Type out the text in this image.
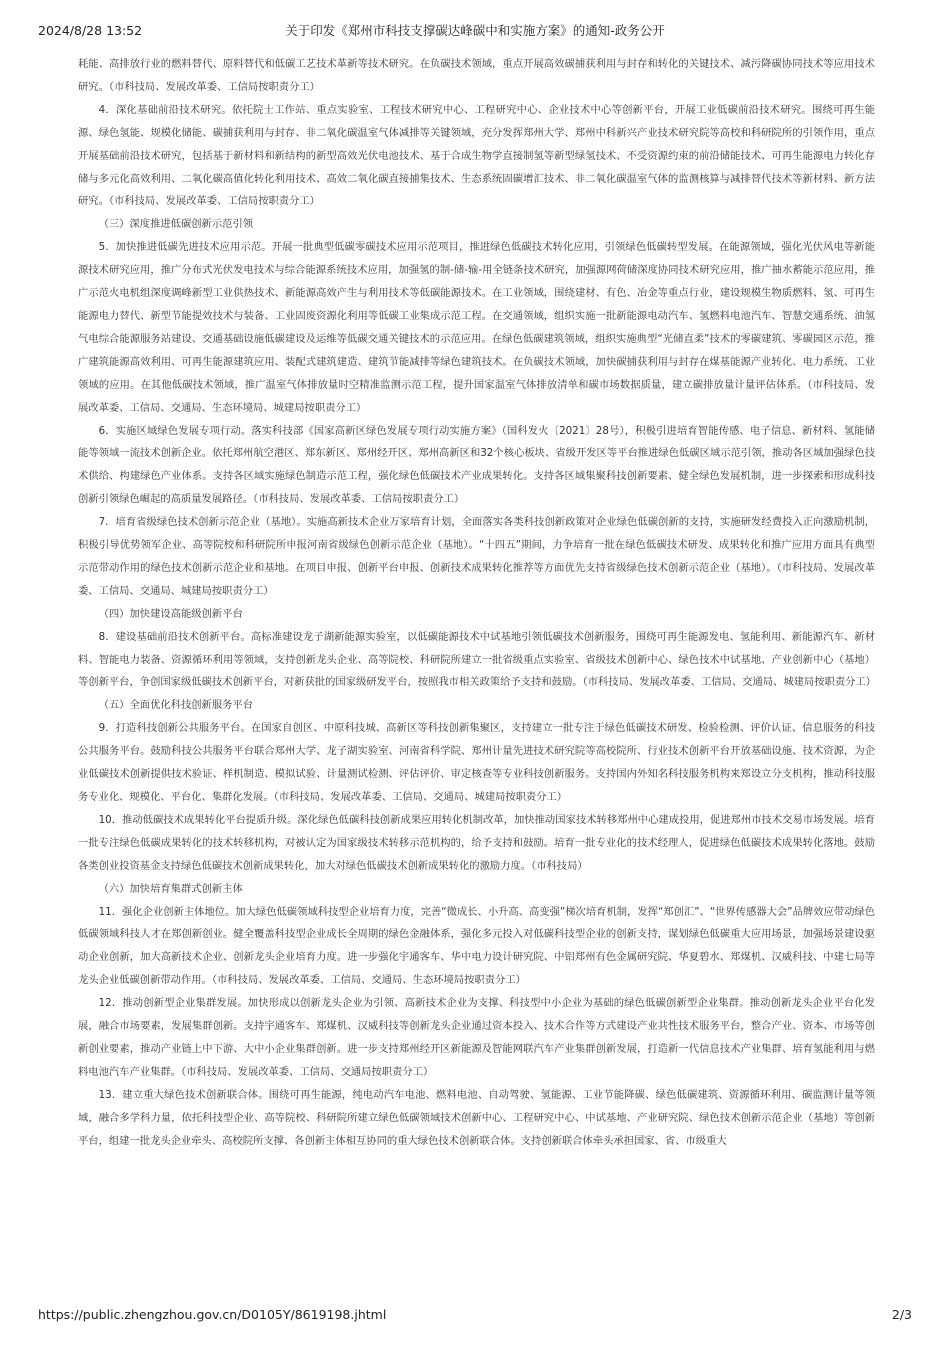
2024/8/28 13:52	关于印发《郑州市科技支撑碳达峰碳中和实施方案》的通知-政务公开

耗能、高排放行业的燃料替代、原料替代和低碳工艺技术革新等技术研究。在负碳技术领域，重点开展高效碳捕获利用与封存和转化的关键技术、减污降碳协同技术等应用技术研究。（市科技局、发展改革委、工信局按职责分工）

4．深化基础前沿技术研究。依托院士工作站、重点实验室、工程技术研究中心、工程研究中心、企业技术中心等创新平台，开展工业低碳前沿技术研究。围绕可再生能源、绿色氢能、规模化储能、碳捕获利用与封存、非二氧化碳温室气体减排等关键领域，充分发挥郑州大学、郑州中科新兴产业技术研究院等高校和科研院所的引领作用，重点开展基础前沿技术研究，包括基于新材料和新结构的新型高效光伏电池技术、基于合成生物学直接制氢等新型绿氢技术、不受资源约束的前沿储能技术、可再生能源电力转化存储与多元化高效利用、二氧化碳高值化转化利用技术、高效二氧化碳直接捕集技术、生态系统固碳增汇技术、非二氧化碳温室气体的监测核算与减排替代技术等新材料、新方法研究。（市科技局、发展改革委、工信局按职责分工）

（三）深度推进低碳创新示范引领

5．加快推进低碳先进技术应用示范。开展一批典型低碳零碳技术应用示范项目，推进绿色低碳技术转化应用，引领绿色低碳转型发展。在能源领域，强化光伏风电等新能源技术研究应用，推广分布式光伏发电技术与综合能源系统技术应用，加强氢的制-储-输-用全链条技术研究，加强源网荷储深度协同技术研究应用，推广抽水蓄能示范应用，推广示范火电机组深度调峰新型工业供热技术、新能源高效产生与利用技术等低碳能源技术。在工业领域，围绕建材、有色、冶金等重点行业，建设规模生物质燃料、氢、可再生能源电力替代、新型节能提效技术与装备、工业固废资源化利用等低碳工业集成示范工程。在交通领域，组织实施一批新能源电动汽车、氢燃料电池汽车、智慧交通系统、油氢气电综合能源服务站建设、交通基础设施低碳建设及运维等低碳交通关键技术的示范应用。在绿色低碳建筑领域，组织实施典型“光储直柔”技术的零碳建筑、零碳园区示范，推广建筑能源高效利用、可再生能源建筑应用、装配式建筑建造、建筑节能减排等绿色建筑技术。在负碳技术领域，加快碳捕获利用与封存在煤基能源产业转化、电力系统、工业领域的应用。在其他低碳技术领域，推广温室气体排放量时空精准监测示范工程，提升国家温室气体排放清单和碳市场数据质量，建立碳排放量计量评估体系。（市科技局、发展改革委、工信局、交通局、生态环境局、城建局按职责分工）

6．实施区域绿色发展专项行动。落实科技部《国家高新区绿色发展专项行动实施方案》（国科发火〔2021〕28号），积极引进培育智能传感、电子信息、新材料、氢能储能等领域一流技术创新企业。依托郑州航空港区、郑东新区、郑州经开区、郑州高新区和32个核心板块、省级开发区等平台推进绿色低碳区域示范引领，推动各区域加强绿色技术供给、构建绿色产业体系。支持各区域实施绿色制造示范工程，强化绿色低碳技术产业成果转化。支持各区域集聚科技创新要素、健全绿色发展机制，进一步探索和形成科技创新引领绿色崛起的高质量发展路径。（市科技局、发展改革委、工信局按职责分工）

7．培育省级绿色技术创新示范企业（基地）。实施高新技术企业万家培育计划，全面落实各类科技创新政策对企业绿色低碳创新的支持，实施研发经费投入正向激励机制，积极引导优势领军企业、高等院校和科研院所申报河南省级绿色创新示范企业（基地）。“十四五”期间，力争培育一批在绿色低碳技术研发、成果转化和推广应用方面具有典型示范带动作用的绿色技术创新示范企业和基地。在项目申报、创新平台申报、创新技术成果转化推荐等方面优先支持省级绿色技术创新示范企业（基地）。（市科技局、发展改革委、工信局、交通局、城建局按职责分工）

（四）加快建设高能级创新平台

8．建设基础前沿技术创新平台。高标准建设龙子湖新能源实验室，以低碳能源技术中试基地引领低碳技术创新服务，围绕可再生能源发电、氢能利用、新能源汽车、新材料、智能电力装备、资源循环利用等领域，支持创新龙头企业、高等院校、科研院所建立一批省级重点实验室、省级技术创新中心、绿色技术中试基地、产业创新中心（基地）等创新平台，争创国家级低碳技术创新平台，对新获批的国家级研发平台，按照我市相关政策给予支持和鼓励。（市科技局、发展改革委、工信局、交通局、城建局按职责分工）

（五）全面优化科技创新服务平台

9．打造科技创新公共服务平台。在国家自创区、中原科技城、高新区等科技创新集聚区，支持建立一批专注于绿色低碳技术研发、检验检测、评价认证、信息服务的科技公共服务平台。鼓励科技公共服务平台联合郑州大学、龙子湖实验室、河南省科学院、郑州计量先进技术研究院等高校院所、行业技术创新平台开放基础设施、技术资源，为企业低碳技术创新提供技术验证、样机制造、模拟试验、计量测试检测、评估评价、审定核查等专业科技创新服务。支持国内外知名科技服务机构来郑设立分支机构，推动科技服务专业化、规模化、平台化、集群化发展。（市科技局、发展改革委、工信局、交通局、城建局按职责分工）

10．推动低碳技术成果转化平台提质升级。深化绿色低碳科技创新成果应用转化机制改革，加快推动国家技术转移郑州中心建成投用，促进郑州市技术交易市场发展。培育一批专注绿色低碳成果转化的技术转移机构，对被认定为国家级技术转移示范机构的，给予支持和鼓励。培育一批专业化的技术经理人，促进绿色低碳技术成果转化落地。鼓励各类创业投资基金支持绿色低碳技术创新成果转化，加大对绿色低碳技术创新成果转化的激励力度。（市科技局）

（六）加快培育集群式创新主体

11．强化企业创新主体地位。加大绿色低碳领域科技型企业培育力度，完善“微成长、小升高、高变强”梯次培育机制，发挥“郑创汇”、“世界传感器大会”品牌效应带动绿色低碳领域科技人才在郑创新创业。健全覆盖科技型企业成长全周期的绿色金融体系，强化多元投入对低碳科技型企业的创新支持，谋划绿色低碳重大应用场景，加强场景建设驱动企业创新，加大高新技术企业、创新龙头企业培育力度。进一步强化宇通客车、华中电力设计研究院、中铝郑州有色金属研究院、华夏碧水、郑煤机、汉威科技、中建七局等龙头企业低碳创新带动作用。（市科技局、发展改革委、工信局、交通局、生态环境局按职责分工）

12．推动创新型企业集群发展。加快形成以创新龙头企业为引领、高新技术企业为支撑、科技型中小企业为基础的绿色低碳创新型企业集群。推动创新龙头企业平台化发展，融合市场要素，发展集群创新。支持宇通客车、郑煤机、汉威科技等创新龙头企业通过资本投入、技术合作等方式建设产业共性技术服务平台，整合产业、资本、市场等创新创业要素，推动产业链上中下游、大中小企业集群创新。进一步支持郑州经开区新能源及智能网联汽车产业集群创新发展，打造新一代信息技术产业集群、培育氢能利用与燃料电池汽车产业集群。（市科技局、发展改革委、工信局、交通局按职责分工）

13．建立重大绿色技术创新联合体。围绕可再生能源，纯电动汽车电池、燃料电池、自动驾驶、氢能源、工业节能降碳、绿色低碳建筑、资源循环利用、碳监测计量等领域，融合多学科力量，依托科技型企业、高等院校、科研院所建立绿色低碳领域技术创新中心、工程研究中心、中试基地、产业研究院、绿色技术创新示范企业（基地）等创新平台，组建一批龙头企业牵头、高校院所支撑、各创新主体相互协同的重大绿色技术创新联合体。支持创新联合体牵头承担国家、省、市级重大

https://public.zhengzhou.gov.cn/D0105Y/8619198.jhtml	2/3
